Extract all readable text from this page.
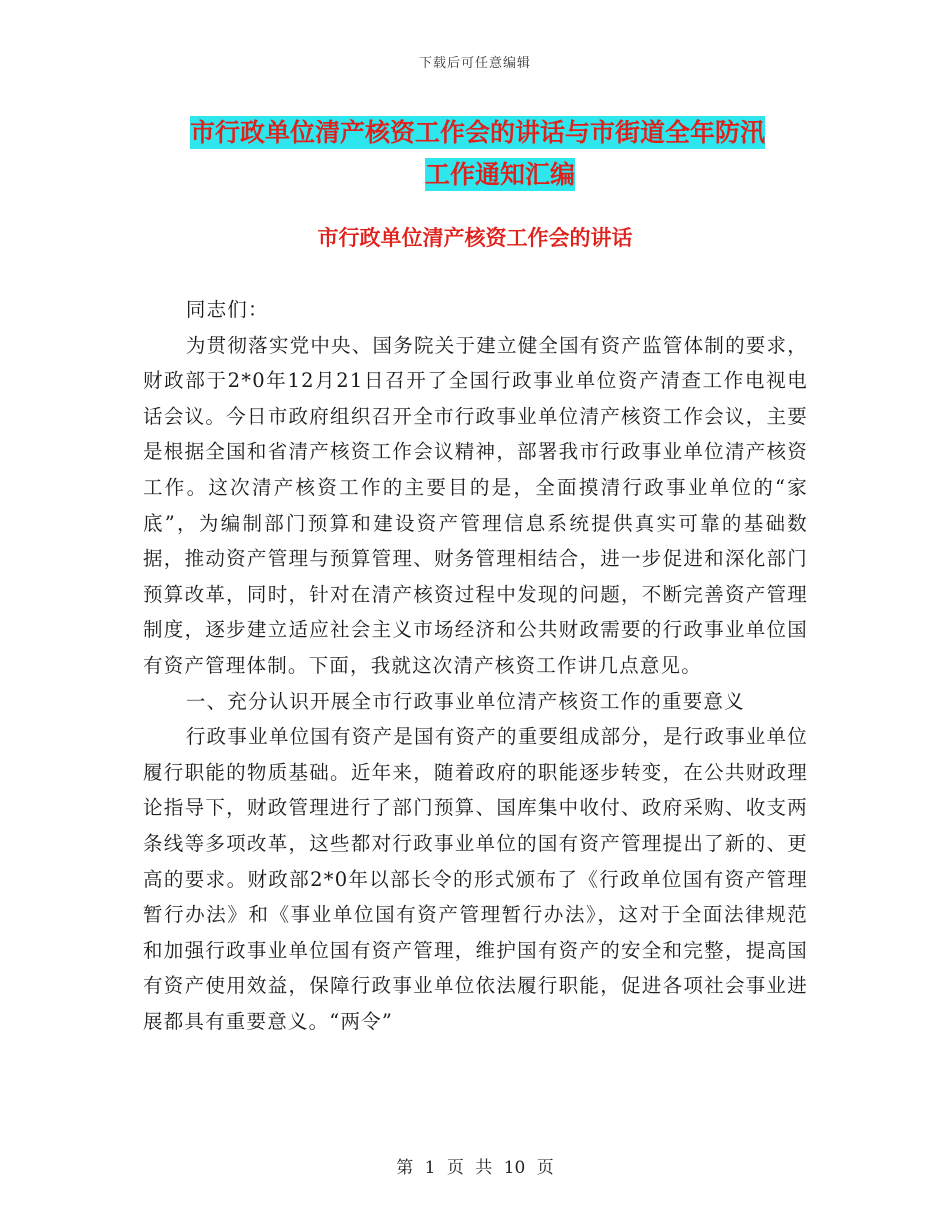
下载后可任意编辑
市行政单位清产核资工作会的讲话与市街道全年防汛
工作通知汇编
市行政单位清产核资工作会的讲话

同志们：

为贯彻落实党中央、国务院关于建立健全国有资产监管体制的要求，财政部于2*0年12月21日召开了全国行政事业单位资产清查工作电视电话会议。今日市政府组织召开全市行政事业单位清产核资工作会议，主要是根据全国和省清产核资工作会议精神，部署我市行政事业单位清产核资工作。这次清产核资工作的主要目的是，全面摸清行政事业单位的“家底”，为编制部门预算和建设资产管理信息系统提供真实可靠的基础数据，推动资产管理与预算管理、财务管理相结合，进一步促进和深化部门预算改革，同时，针对在清产核资过程中发现的问题，不断完善资产管理制度，逐步建立适应社会主义市场经济和公共财政需要的行政事业单位国有资产管理体制。下面，我就这次清产核资工作讲几点意见。

一、充分认识开展全市行政事业单位清产核资工作的重要意义

行政事业单位国有资产是国有资产的重要组成部分，是行政事业单位履行职能的物质基础。近年来，随着政府的职能逐步转变，在公共财政理论指导下，财政管理进行了部门预算、国库集中收付、政府采购、收支两条线等多项改革，这些都对行政事业单位的国有资产管理提出了新的、更高的要求。财政部2*0年以部长令的形式颁布了《行政单位国有资产管理暂行办法》和《事业单位国有资产管理暂行办法》，这对于全面法律规范和加强行政事业单位国有资产管理，维护国有资产的安全和完整，提高国有资产使用效益，保障行政事业单位依法履行职能，促进各项社会事业进展都具有重要意义。“两令”

第 1 页 共 10 页
